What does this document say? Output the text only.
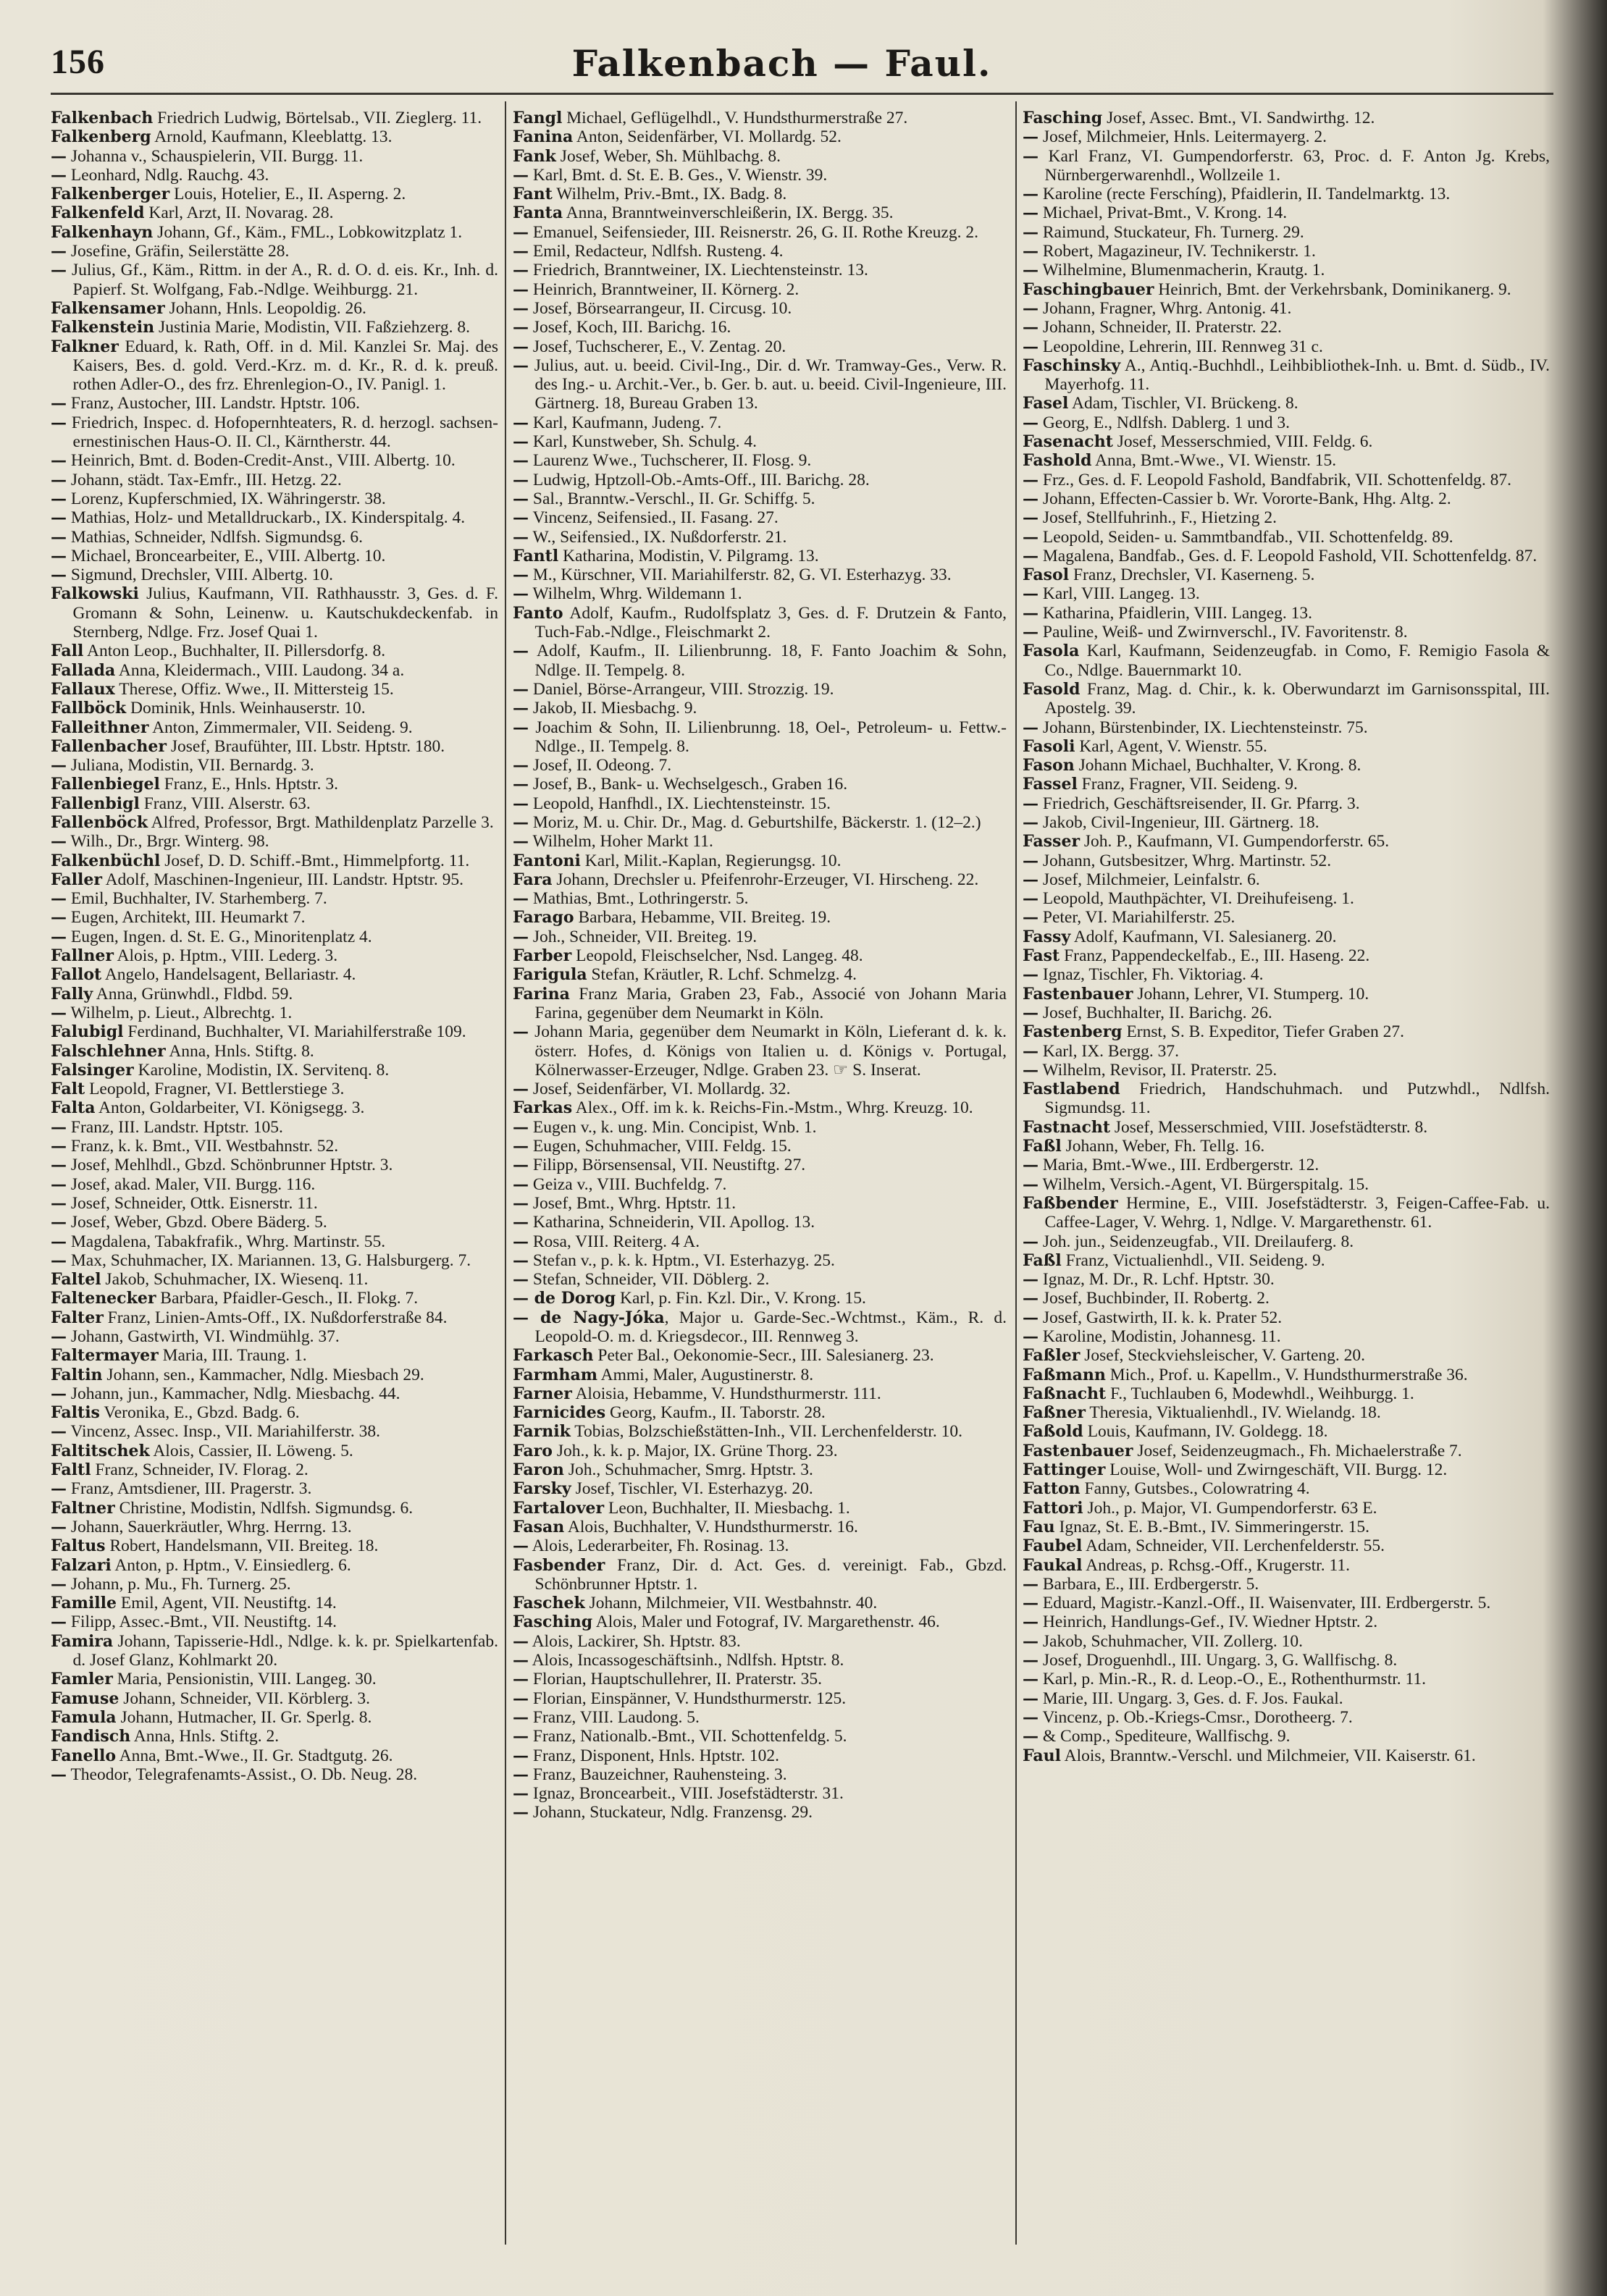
156	Falkenbach — Faul.

Falkenbach Friedrich Ludwig, Börtelsab., VII. Zieglerg. 11.

Falkenberg Arnold, Kaufmann, Kleeblattg. 13.

— Johanna v., Schauspielerin, VII. Burgg. 11.

— Leonhard, Ndlg. Rauchg. 43.

Falkenberger Louis, Hotelier, E., II. Asperng. 2.

Falkenfeld Karl, Arzt, II. Novarag. 28.

Falkenhayn Johann, Gf., Käm., FML., Lobkowitzplatz 1.

— Josefine, Gräfin, Seilerstätte 28.

— Julius, Gf., Käm., Rittm. in der A., R. d. O. d. eis. Kr., Inh. d. Papierf. St. Wolfgang, Fab.-Ndlge. Weihburgg. 21.

Falkensamer Johann, Hnls. Leopoldig. 26.

Falkenstein Justinia Marie, Modistin, VII. Faßziehzerg. 8.

Falkner Eduard, k. Rath, Off. in d. Mil. Kanzlei Sr. Maj. des Kaisers, Bes. d. gold. Verd.-Krz. m. d. Kr., R. d. k. preuß. rothen Adler-O., des frz. Ehrenlegion-O., IV. Panigl. 1.

— Franz, Austocher, III. Landstr. Hptstr. 106.

— Friedrich, Inspec. d. Hofopernhteaters, R. d. herzogl. sachsen-ernestinischen Haus-O. II. Cl., Kärntherstr. 44.

— Heinrich, Bmt. d. Boden-Credit-Anst., VIII. Albertg. 10.

— Johann, städt. Tax-Emfr., III. Hetzg. 22.

— Lorenz, Kupferschmied, IX. Währingerstr. 38.

— Mathias, Holz- und Metalldruckarb., IX. Kinderspitalg. 4.

— Mathias, Schneider, Ndlfsh. Sigmundsg. 6.

— Michael, Broncearbeiter, E., VIII. Albertg. 10.

— Sigmund, Drechsler, VIII. Albertg. 10.

Falkowski Julius, Kaufmann, VII. Rathhausstr. 3, Ges. d. F. Gromann & Sohn, Leinenw. u. Kautschukdeckenfab. in Sternberg, Ndlge. Frz. Josef Quai 1.

Fall Anton Leop., Buchhalter, II. Pillersdorfg. 8.

Fallada Anna, Kleidermach., VIII. Laudong. 34 a.

Fallaux Therese, Offiz. Wwe., II. Mittersteig 15.

Fallböck Dominik, Hnls. Weinhauserstr. 10.

Falleithner Anton, Zimmermaler, VII. Seideng. 9.

Fallenbacher Josef, Braufühter, III. Lbstr. Hptstr. 180.

— Juliana, Modistin, VII. Bernardg. 3.

Fallenbiegel Franz, E., Hnls. Hptstr. 3.

Fallenbigl Franz, VIII. Alserstr. 63.

Fallenböck Alfred, Professor, Brgt. Mathildenplatz Parzelle 3.

— Wilh., Dr., Brgr. Winterg. 98.

Falkenbüchl Josef, D. D. Schiff.-Bmt., Himmelpfortg. 11.

Faller Adolf, Maschinen-Ingenieur, III. Landstr. Hptstr. 95.

— Emil, Buchhalter, IV. Starhemberg. 7.

— Eugen, Architekt, III. Heumarkt 7.

— Eugen, Ingen. d. St. E. G., Minoritenplatz 4.

Fallner Alois, p. Hptm., VIII. Lederg. 3.

Fallot Angelo, Handelsagent, Bellariastr. 4.

Fally Anna, Grünwhdl., Fldbd. 59.

— Wilhelm, p. Lieut., Albrechtg. 1.

Falubigl Ferdinand, Buchhalter, VI. Mariahilferstraße 109.

Falschlehner Anna, Hnls. Stiftg. 8.

Falsinger Karoline, Modistin, IX. Servitenq. 8.

Falt Leopold, Fragner, VI. Bettlerstiege 3.

Falta Anton, Goldarbeiter, VI. Königsegg. 3.

— Franz, III. Landstr. Hptstr. 105.

— Franz, k. k. Bmt., VII. Westbahnstr. 52.

— Josef, Mehlhdl., Gbzd. Schönbrunner Hptstr. 3.

— Josef, akad. Maler, VII. Burgg. 116.

— Josef, Schneider, Ottk. Eisnerstr. 11.

— Josef, Weber, Gbzd. Obere Bäderg. 5.

— Magdalena, Tabakfrafik., Whrg. Martinstr. 55.

— Max, Schuhmacher, IX. Mariannen. 13, G. Halsburgerg. 7.

Faltel Jakob, Schuhmacher, IX. Wiesenq. 11.

Faltenecker Barbara, Pfaidler-Gesch., II. Flokg. 7.

Falter Franz, Linien-Amts-Off., IX. Nußdorferstraße 84.

— Johann, Gastwirth, VI. Windmühlg. 37.

Faltermayer Maria, III. Traung. 1.

Faltin Johann, sen., Kammacher, Ndlg. Miesbach 29.

— Johann, jun., Kammacher, Ndlg. Miesbachg. 44.

Faltis Veronika, E., Gbzd. Badg. 6.

— Vincenz, Assec. Insp., VII. Mariahilferstr. 38.

Faltitschek Alois, Cassier, II. Löweng. 5.

Faltl Franz, Schneider, IV. Florag. 2.

— Franz, Amtsdiener, III. Pragerstr. 3.

Faltner Christine, Modistin, Ndlfsh. Sigmundsg. 6.

— Johann, Sauerkräutler, Whrg. Herrng. 13.

Faltus Robert, Handelsmann, VII. Breiteg. 18.

Falzari Anton, p. Hptm., V. Einsiedlerg. 6.

— Johann, p. Mu., Fh. Turnerg. 25.

Famille Emil, Agent, VII. Neustiftg. 14.

— Filipp, Assec.-Bmt., VII. Neustiftg. 14.

Famira Johann, Tapisserie-Hdl., Ndlge. k. k. pr. Spielkartenfab. d. Josef Glanz, Kohlmarkt 20.

Famler Maria, Pensionistin, VIII. Langeg. 30.

Famuse Johann, Schneider, VII. Körblerg. 3.

Famula Johann, Hutmacher, II. Gr. Sperlg. 8.

Fandisch Anna, Hnls. Stiftg. 2.

Fanello Anna, Bmt.-Wwe., II. Gr. Stadtgutg. 26.

— Theodor, Telegrafenamts-Assist., O. Db. Neug. 28.

Fangl Michael, Geflügelhdl., V. Hundsthurmerstraße 27.

Fanina Anton, Seidenfärber, VI. Mollardg. 52.

Fank Josef, Weber, Sh. Mühlbachg. 8.

— Karl, Bmt. d. St. E. B. Ges., V. Wienstr. 39.

Fant Wilhelm, Priv.-Bmt., IX. Badg. 8.

Fanta Anna, Branntweinverschleißerin, IX. Bergg. 35.

— Emanuel, Seifensieder, III. Reisnerstr. 26, G. II. Rothe Kreuzg. 2.

— Emil, Redacteur, Ndlfsh. Rusteng. 4.

— Friedrich, Branntweiner, IX. Liechtensteinstr. 13.

— Heinrich, Branntweiner, II. Körnerg. 2.

— Josef, Börsearrangeur, II. Circusg. 10.

— Josef, Koch, III. Barichg. 16.

— Josef, Tuchscherer, E., V. Zentag. 20.

— Julius, aut. u. beeid. Civil-Ing., Dir. d. Wr. Tramway-Ges., Verw. R. des Ing.- u. Archit.-Ver., b. Ger. b. aut. u. beeid. Civil-Ingenieure, III. Gärtnerg. 18, Bureau Graben 13.

— Karl, Kaufmann, Judeng. 7.

— Karl, Kunstweber, Sh. Schulg. 4.

— Laurenz Wwe., Tuchscherer, II. Flosg. 9.

— Ludwig, Hptzoll-Ob.-Amts-Off., III. Barichg. 28.

— Sal., Branntw.-Verschl., II. Gr. Schiffg. 5.

— Vincenz, Seifensied., II. Fasang. 27.

— W., Seifensied., IX. Nußdorferstr. 21.

Fantl Katharina, Modistin, V. Pilgramg. 13.

— M., Kürschner, VII. Mariahilferstr. 82, G. VI. Esterhazyg. 33.

— Wilhelm, Whrg. Wildemann 1.

Fanto Adolf, Kaufm., Rudolfsplatz 3, Ges. d. F. Drutzein & Fanto, Tuch-Fab.-Ndlge., Fleischmarkt 2.

— Adolf, Kaufm., II. Lilienbrunng. 18, F. Fanto Joachim & Sohn, Ndlge. II. Tempelg. 8.

— Daniel, Börse-Arrangeur, VIII. Strozzig. 19.

— Jakob, II. Miesbachg. 9.

— Joachim & Sohn, II. Lilienbrunng. 18, Oel-, Petroleum- u. Fettw.-Ndlge., II. Tempelg. 8.

— Josef, II. Odeong. 7.

— Josef, B., Bank- u. Wechselgesch., Graben 16.

— Leopold, Hanfhdl., IX. Liechtensteinstr. 15.

— Moriz, M. u. Chir. Dr., Mag. d. Geburtshilfe, Bäckerstr. 1. (12–2.)

— Wilhelm, Hoher Markt 11.

Fantoni Karl, Milit.-Kaplan, Regierungsg. 10.

Fara Johann, Drechsler u. Pfeifenrohr-Erzeuger, VI. Hirscheng. 22.

— Mathias, Bmt., Lothringerstr. 5.

Farago Barbara, Hebamme, VII. Breiteg. 19.

— Joh., Schneider, VII. Breiteg. 19.

Farber Leopold, Fleischselcher, Nsd. Langeg. 48.

Farigula Stefan, Kräutler, R. Lchf. Schmelzg. 4.

Farina Franz Maria, Graben 23, Fab., Associé von Johann Maria Farina, gegenüber dem Neumarkt in Köln.

— Johann Maria, gegenüber dem Neumarkt in Köln, Lieferant d. k. k. österr. Hofes, d. Königs von Italien u. d. Königs v. Portugal, Kölnerwasser-Erzeuger, Ndlge. Graben 23. ☞ S. Inserat.

— Josef, Seidenfärber, VI. Mollardg. 32.

Farkas Alex., Off. im k. k. Reichs-Fin.-Mstm., Whrg. Kreuzg. 10.

— Eugen v., k. ung. Min. Concipist, Wnb. 1.

— Eugen, Schuhmacher, VIII. Feldg. 15.

— Filipp, Börsensensal, VII. Neustiftg. 27.

— Geiza v., VIII. Buchfeldg. 7.

— Josef, Bmt., Whrg. Hptstr. 11.

— Katharina, Schneiderin, VII. Apollog. 13.

— Rosa, VIII. Reiterg. 4 A.

— Stefan v., p. k. k. Hptm., VI. Esterhazyg. 25.

— Stefan, Schneider, VII. Döblerg. 2.

— de Dorog Karl, p. Fin. Kzl. Dir., V. Krong. 15.

— de Nagy-Jóka, Major u. Garde-Sec.-Wchtmst., Käm., R. d. Leopold-O. m. d. Kriegsdecor., III. Rennweg 3.

Farkasch Peter Bal., Oekonomie-Secr., III. Salesianerg. 23.

Farmham Ammi, Maler, Augustinerstr. 8.

Farner Aloisia, Hebamme, V. Hundsthurmerstr. 111.

Farnicides Georg, Kaufm., II. Taborstr. 28.

Farnik Tobias, Bolzschießstätten-Inh., VII. Lerchenfelderstr. 10.

Faro Joh., k. k. p. Major, IX. Grüne Thorg. 23.

Faron Joh., Schuhmacher, Smrg. Hptstr. 3.

Farsky Josef, Tischler, VI. Esterhazyg. 20.

Fartalover Leon, Buchhalter, II. Miesbachg. 1.

Fasan Alois, Buchhalter, V. Hundsthurmerstr. 16.

— Alois, Lederarbeiter, Fh. Rosinag. 13.

Fasbender Franz, Dir. d. Act. Ges. d. vereinigt. Fab., Gbzd. Schönbrunner Hptstr. 1.

Faschek Johann, Milchmeier, VII. Westbahnstr. 40.

Fasching Alois, Maler und Fotograf, IV. Margarethenstr. 46.

— Alois, Lackirer, Sh. Hptstr. 83.

— Alois, Incassogeschäftsinh., Ndlfsh. Hptstr. 8.

— Florian, Hauptschullehrer, II. Praterstr. 35.

— Florian, Einspänner, V. Hundsthurmerstr. 125.

— Franz, VIII. Laudong. 5.

— Franz, Nationalb.-Bmt., VII. Schottenfeldg. 5.

— Franz, Disponent, Hnls. Hptstr. 102.

— Franz, Bauzeichner, Rauhensteing. 3.

— Ignaz, Broncearbeit., VIII. Josefstädterstr. 31.

— Johann, Stuckateur, Ndlg. Franzensg. 29.

Fasching Josef, Assec. Bmt., VI. Sandwirthg. 12.

— Josef, Milchmeier, Hnls. Leitermayerg. 2.

— Karl Franz, VI. Gumpendorferstr. 63, Proc. d. F. Anton Jg. Krebs, Nürnbergerwarenhdl., Wollzeile 1.

— Karoline (recte Ferschíng), Pfaidlerin, II. Tandelmarktg. 13.

— Michael, Privat-Bmt., V. Krong. 14.

— Raimund, Stuckateur, Fh. Turnerg. 29.

— Robert, Magazineur, IV. Technikerstr. 1.

— Wilhelmine, Blumenmacherin, Krautg. 1.

Faschingbauer Heinrich, Bmt. der Verkehrsbank, Dominikanerg. 9.

— Johann, Fragner, Whrg. Antonig. 41.

— Johann, Schneider, II. Praterstr. 22.

— Leopoldine, Lehrerin, III. Rennweg 31 c.

Faschinsky A., Antiq.-Buchhdl., Leihbibliothek-Inh. u. Bmt. d. Südb., IV. Mayerhofg. 11.

Fasel Adam, Tischler, VI. Brückeng. 8.

— Georg, E., Ndlfsh. Dablerg. 1 und 3.

Fasenacht Josef, Messerschmied, VIII. Feldg. 6.

Fashold Anna, Bmt.-Wwe., VI. Wienstr. 15.

— Frz., Ges. d. F. Leopold Fashold, Bandfabrik, VII. Schottenfeldg. 87.

— Johann, Effecten-Cassier b. Wr. Vororte-Bank, Hhg. Altg. 2.

— Josef, Stellfuhrinh., F., Hietzing 2.

— Leopold, Seiden- u. Sammtbandfab., VII. Schottenfeldg. 89.

— Magalena, Bandfab., Ges. d. F. Leopold Fashold, VII. Schottenfeldg. 87.

Fasol Franz, Drechsler, VI. Kaserneng. 5.

— Karl, VIII. Langeg. 13.

— Katharina, Pfaidlerin, VIII. Langeg. 13.

— Pauline, Weiß- und Zwirnverschl., IV. Favoritenstr. 8.

Fasola Karl, Kaufmann, Seidenzeugfab. in Como, F. Remigio Fasola & Co., Ndlge. Bauernmarkt 10.

Fasold Franz, Mag. d. Chir., k. k. Oberwundarzt im Garnisonsspital, III. Apostelg. 39.

— Johann, Bürstenbinder, IX. Liechtensteinstr. 75.

Fasoli Karl, Agent, V. Wienstr. 55.

Fason Johann Michael, Buchhalter, V. Krong. 8.

Fassel Franz, Fragner, VII. Seideng. 9.

— Friedrich, Geschäftsreisender, II. Gr. Pfarrg. 3.

— Jakob, Civil-Ingenieur, III. Gärtnerg. 18.

Fasser Joh. P., Kaufmann, VI. Gumpendorferstr. 65.

— Johann, Gutsbesitzer, Whrg. Martinstr. 52.

— Josef, Milchmeier, Leinfalstr. 6.

— Leopold, Mauthpächter, VI. Dreihufeiseng. 1.

— Peter, VI. Mariahilferstr. 25.

Fassy Adolf, Kaufmann, VI. Salesianerg. 20.

Fast Franz, Pappendeckelfab., E., III. Haseng. 22.

— Ignaz, Tischler, Fh. Viktoriag. 4.

Fastenbauer Johann, Lehrer, VI. Stumperg. 10.

— Josef, Buchhalter, II. Barichg. 26.

Fastenberg Ernst, S. B. Expeditor, Tiefer Graben 27.

— Karl, IX. Bergg. 37.

— Wilhelm, Revisor, II. Praterstr. 25.

Fastlabend Friedrich, Handschuhmach. und Putzwhdl., Ndlfsh. Sigmundsg. 11.

Fastnacht Josef, Messerschmied, VIII. Josefstädterstr. 8.

Faßl Johann, Weber, Fh. Tellg. 16.

— Maria, Bmt.-Wwe., III. Erdbergerstr. 12.

— Wilhelm, Versich.-Agent, VI. Bürgerspitalg. 15.

Faßbender Hermine, E., VIII. Josefstädterstr. 3, Feigen-Caffee-Fab. u. Caffee-Lager, V. Wehrg. 1, Ndlge. V. Margarethenstr. 61.

— Joh. jun., Seidenzeugfab., VII. Dreilauferg. 8.

Faßl Franz, Victualienhdl., VII. Seideng. 9.

— Ignaz, M. Dr., R. Lchf. Hptstr. 30.

— Josef, Buchbinder, II. Robertg. 2.

— Josef, Gastwirth, II. k. k. Prater 52.

— Karoline, Modistin, Johannesg. 11.

Faßler Josef, Steckviehsleischer, V. Garteng. 20.

Faßmann Mich., Prof. u. Kapellm., V. Hundsthurmerstraße 36.

Faßnacht F., Tuchlauben 6, Modewhdl., Weihburgg. 1.

Faßner Theresia, Viktualienhdl., IV. Wielandg. 18.

Faßold Louis, Kaufmann, IV. Goldegg. 18.

Fastenbauer Josef, Seidenzeugmach., Fh. Michaelerstraße 7.

Fattinger Louise, Woll- und Zwirngeschäft, VII. Burgg. 12.

Fatton Fanny, Gutsbes., Colowratring 4.

Fattori Joh., p. Major, VI. Gumpendorferstr. 63 E.

Fau Ignaz, St. E. B.-Bmt., IV. Simmeringerstr. 15.

Faubel Adam, Schneider, VII. Lerchenfelderstr. 55.

Faukal Andreas, p. Rchsg.-Off., Krugerstr. 11.

— Barbara, E., III. Erdbergerstr. 5.

— Eduard, Magistr.-Kanzl.-Off., II. Waisenvater, III. Erdbergerstr. 5.

— Heinrich, Handlungs-Gef., IV. Wiedner Hptstr. 2.

— Jakob, Schuhmacher, VII. Zollerg. 10.

— Josef, Droguenhdl., III. Ungarg. 3, G. Wallfischg. 8.

— Karl, p. Min.-R., R. d. Leop.-O., E., Rothenthurmstr. 11.

— Marie, III. Ungarg. 3, Ges. d. F. Jos. Faukal.

— Vincenz, p. Ob.-Kriegs-Cmsr., Dorotheerg. 7.

— & Comp., Spediteure, Wallfischg. 9.

Faul Alois, Branntw.-Verschl. und Milchmeier, VII. Kaiserstr. 61.
